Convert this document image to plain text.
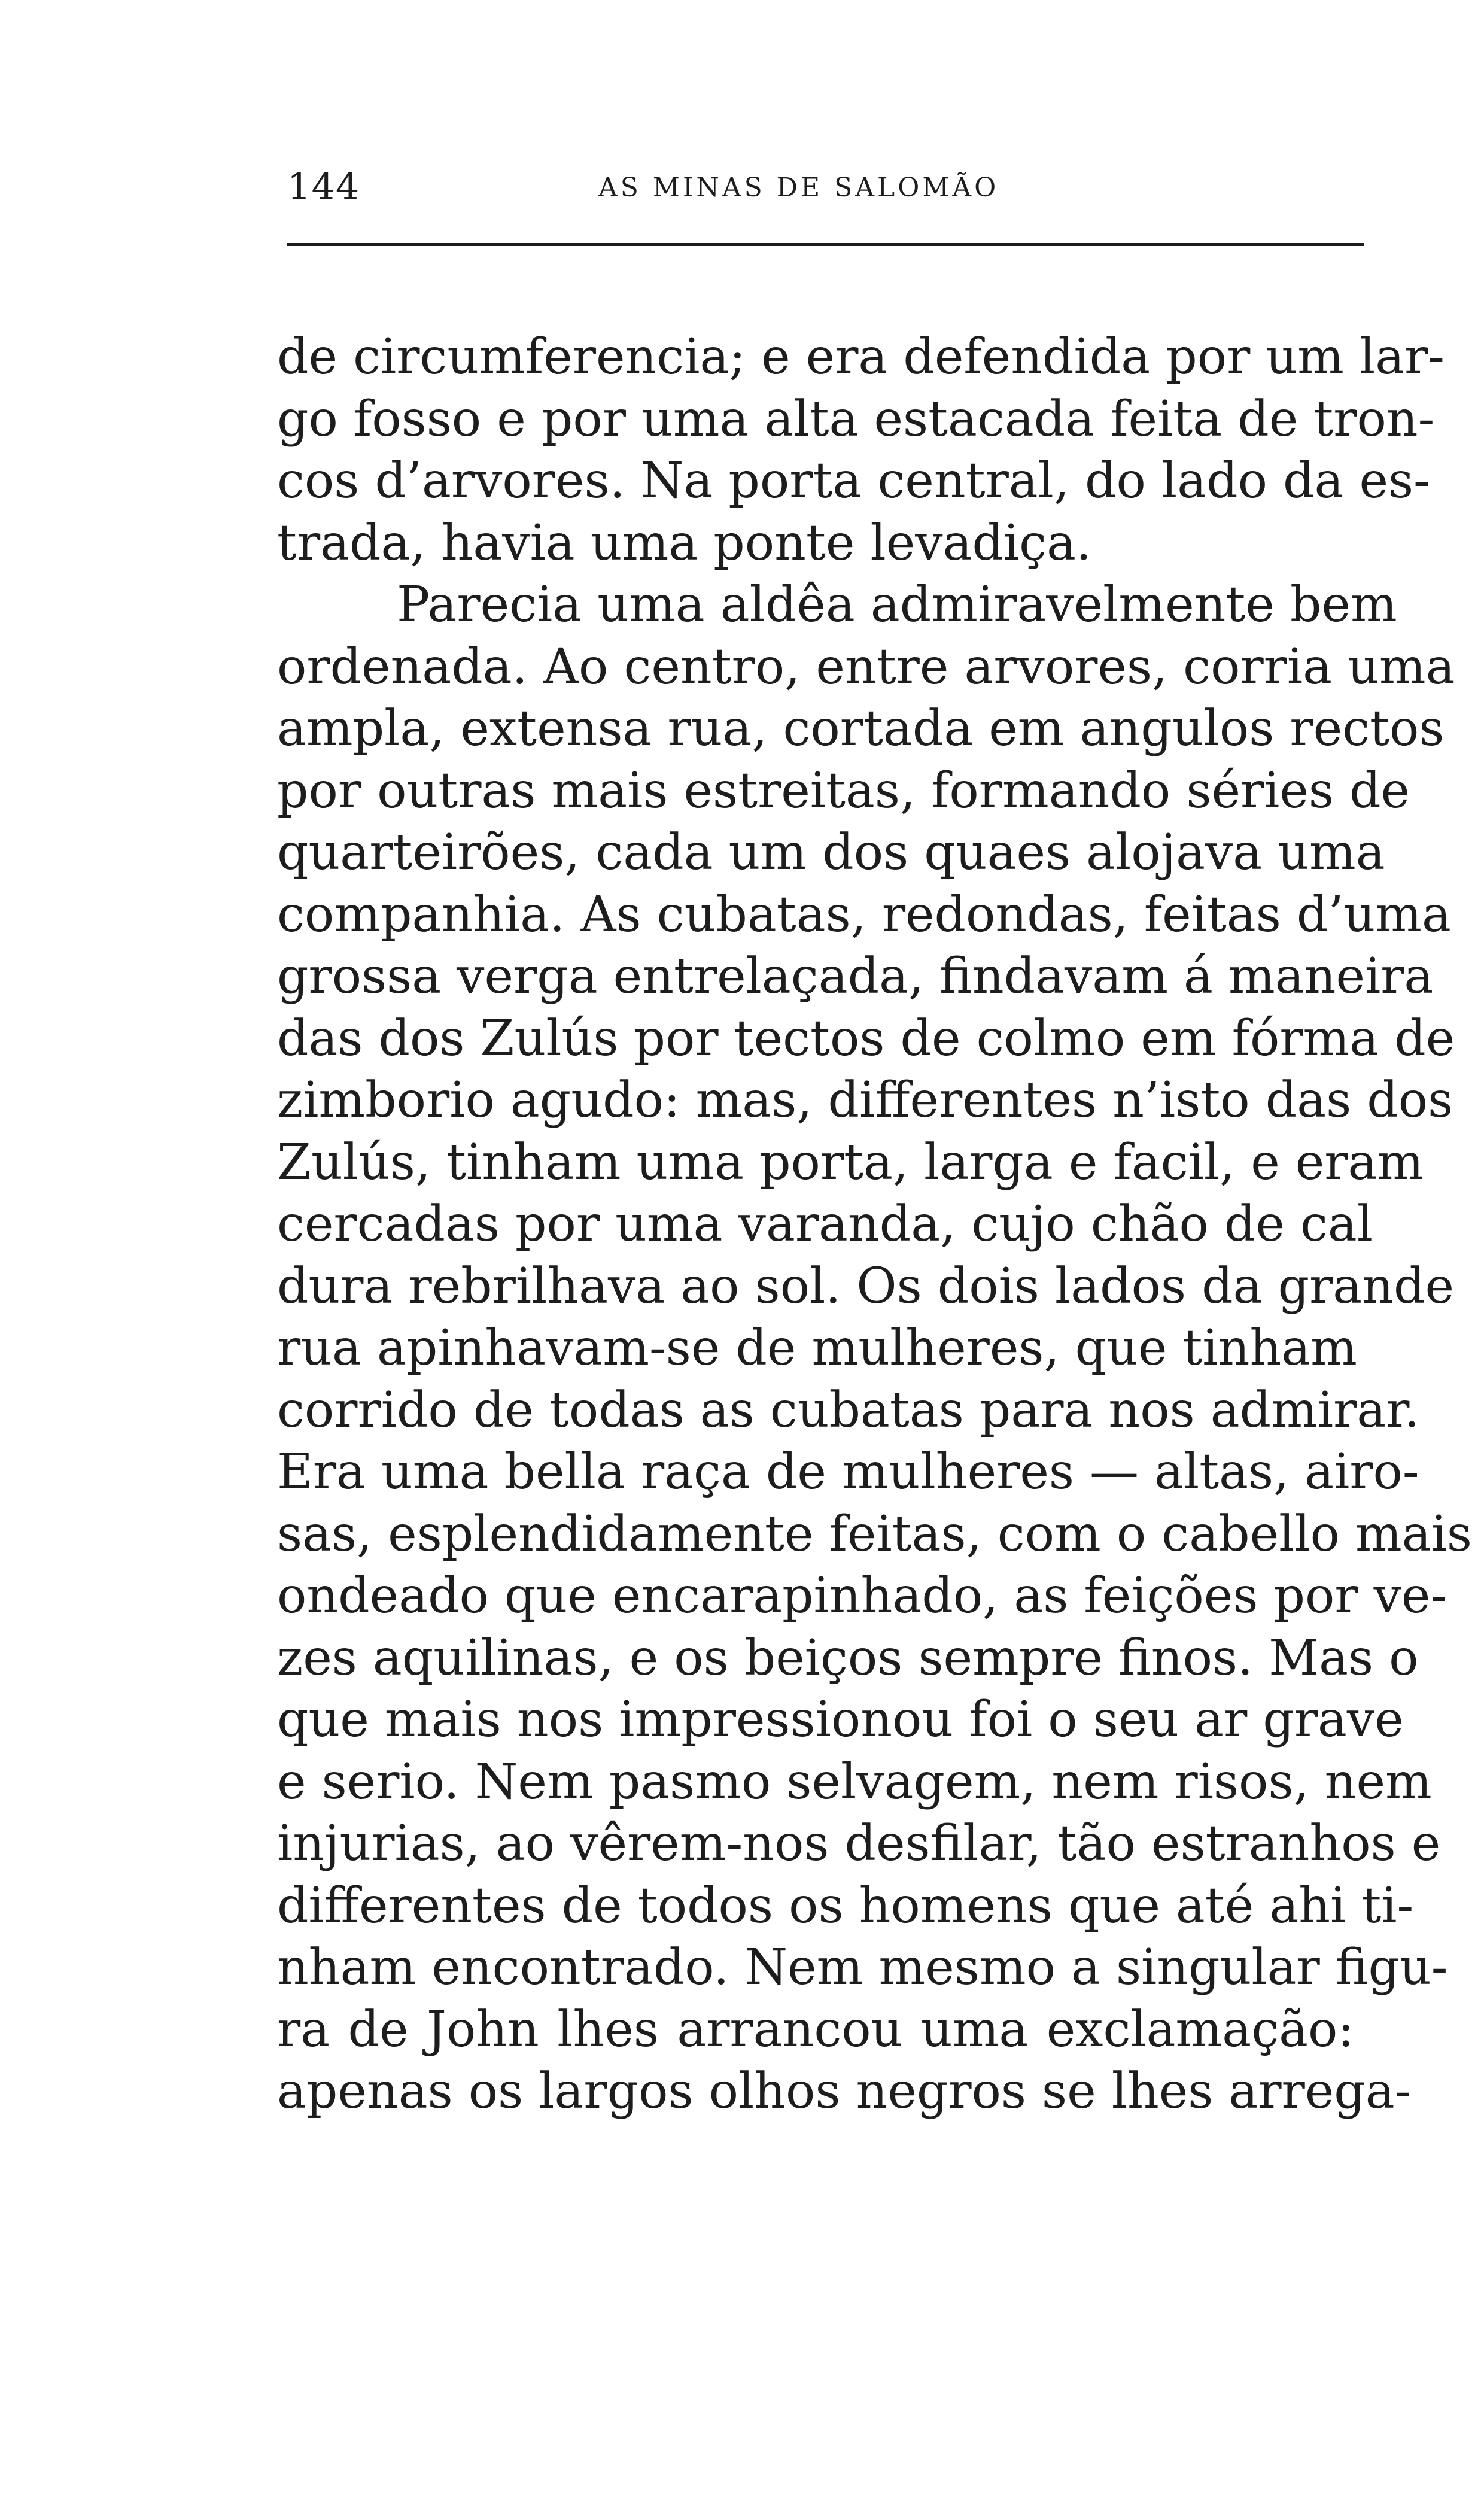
144	AS MINAS DE SALOMÃO
de circumferencia; e era defendida por um lar-
go fosso e por uma alta estacada feita de tron-
cos d’arvores. Na porta central, do lado da es-
trada, havia uma ponte levadiça.
Parecia uma aldêa admiravelmente bem
ordenada. Ao centro, entre arvores, corria uma
ampla, extensa rua, cortada em angulos rectos
por outras mais estreitas, formando séries de
quarteirões, cada um dos quaes alojava uma
companhia. As cubatas, redondas, feitas d’uma
grossa verga entrelaçada, findavam á maneira
das dos Zulús por tectos de colmo em fórma de
zimborio agudo: mas, differentes n’isto das dos
Zulús, tinham uma porta, larga e facil, e eram
cercadas por uma varanda, cujo chão de cal
dura rebrilhava ao sol. Os dois lados da grande
rua apinhavam-se de mulheres, que tinham
corrido de todas as cubatas para nos admirar.
Era uma bella raça de mulheres — altas, airo-
sas, esplendidamente feitas, com o cabello mais
ondeado que encarapinhado, as feições por ve-
zes aquilinas, e os beiços sempre finos. Mas o
que mais nos impressionou foi o seu ar grave
e serio. Nem pasmo selvagem, nem risos, nem
injurias, ao vêrem-nos desfilar, tão estranhos e
differentes de todos os homens que até ahi ti-
nham encontrado. Nem mesmo a singular figu-
ra de John lhes arrancou uma exclamação:
apenas os largos olhos negros se lhes arrega-
